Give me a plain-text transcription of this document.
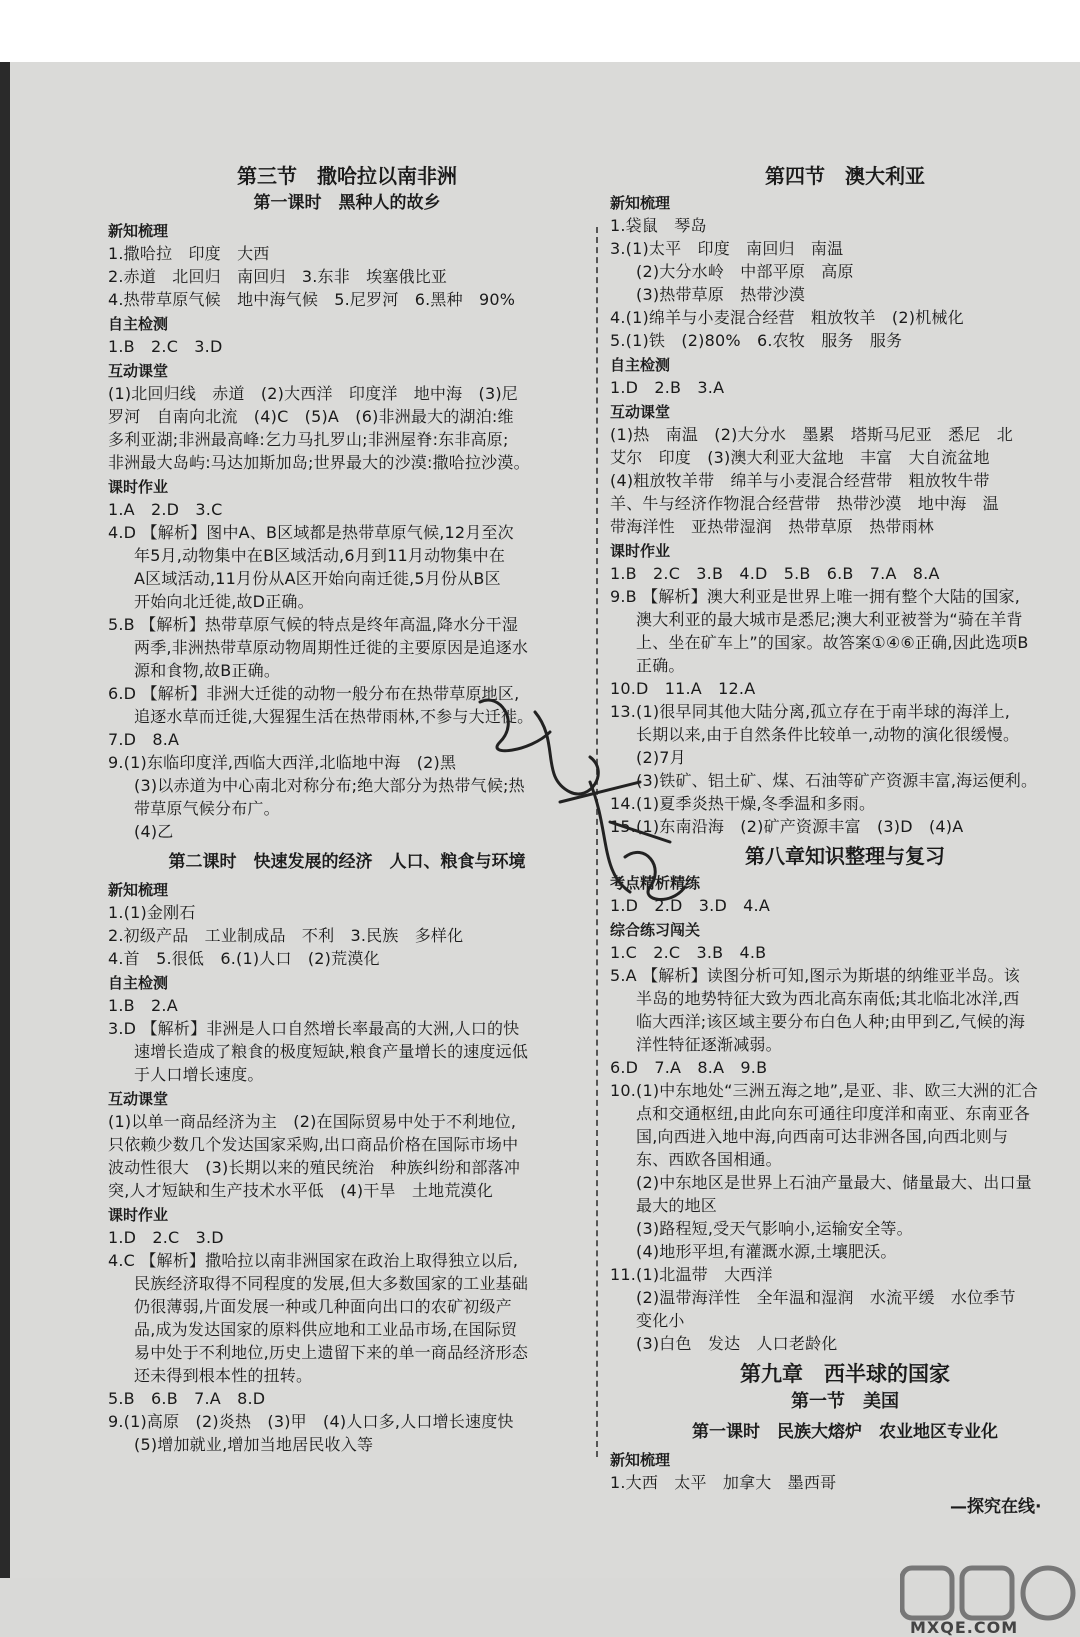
第三节　撒哈拉以南非洲

第一课时　黑种人的故乡

新知梳理

1.撒哈拉　印度　大西

2.赤道　北回归　南回归　3.东非　埃塞俄比亚

4.热带草原气候　地中海气候　5.尼罗河　6.黑种　90%

自主检测

1.B　2.C　3.D

互动课堂

(1)北回归线　赤道　(2)大西洋　印度洋　地中海　(3)尼

罗河　自南向北流　(4)C　(5)A　(6)非洲最大的湖泊:维

多利亚湖;非洲最高峰:乞力马扎罗山;非洲屋脊:东非高原;

非洲最大岛屿:马达加斯加岛;世界最大的沙漠:撒哈拉沙漠。

课时作业

1.A　2.D　3.C

4.D 【解析】图中A、B区域都是热带草原气候,12月至次

年5月,动物集中在B区域活动,6月到11月动物集中在

A区域活动,11月份从A区开始向南迁徙,5月份从B区

开始向北迁徙,故D正确。

5.B 【解析】热带草原气候的特点是终年高温,降水分干湿

两季,非洲热带草原动物周期性迁徙的主要原因是追逐水

源和食物,故B正确。

6.D 【解析】非洲大迁徙的动物一般分布在热带草原地区,

追逐水草而迁徙,大猩猩生活在热带雨林,不参与大迁徙。

7.D　8.A

9.(1)东临印度洋,西临大西洋,北临地中海　(2)黑

(3)以赤道为中心南北对称分布;绝大部分为热带气候;热

带草原气候分布广。

(4)乙

第二课时　快速发展的经济　人口、粮食与环境

新知梳理

1.(1)金刚石

2.初级产品　工业制成品　不利　3.民族　多样化

4.首　5.很低　6.(1)人口　(2)荒漠化

自主检测

1.B　2.A

3.D 【解析】非洲是人口自然增长率最高的大洲,人口的快

速增长造成了粮食的极度短缺,粮食产量增长的速度远低

于人口增长速度。

互动课堂

(1)以单一商品经济为主　(2)在国际贸易中处于不利地位,

只依赖少数几个发达国家采购,出口商品价格在国际市场中

波动性很大　(3)长期以来的殖民统治　种族纠纷和部落冲

突,人才短缺和生产技术水平低　(4)干旱　土地荒漠化

课时作业

1.D　2.C　3.D

4.C 【解析】撒哈拉以南非洲国家在政治上取得独立以后,

民族经济取得不同程度的发展,但大多数国家的工业基础

仍很薄弱,片面发展一种或几种面向出口的农矿初级产

品,成为发达国家的原料供应地和工业品市场,在国际贸

易中处于不利地位,历史上遗留下来的单一商品经济形态

还未得到根本性的扭转。

5.B　6.B　7.A　8.D

9.(1)高原　(2)炎热　(3)甲　(4)人口多,人口增长速度快

(5)增加就业,增加当地居民收入等

第四节　澳大利亚

新知梳理

1.袋鼠　琴岛

3.(1)太平　印度　南回归　南温

(2)大分水岭　中部平原　高原

(3)热带草原　热带沙漠

4.(1)绵羊与小麦混合经营　粗放牧羊　(2)机械化

5.(1)铁　(2)80%　6.农牧　服务　服务

自主检测

1.D　2.B　3.A

互动课堂

(1)热　南温　(2)大分水　墨累　塔斯马尼亚　悉尼　北

艾尔　印度　(3)澳大利亚大盆地　丰富　大自流盆地

(4)粗放牧羊带　绵羊与小麦混合经营带　粗放牧牛带

羊、牛与经济作物混合经营带　热带沙漠　地中海　温

带海洋性　亚热带湿润　热带草原　热带雨林

课时作业

1.B　2.C　3.B　4.D　5.B　6.B　7.A　8.A

9.B 【解析】澳大利亚是世界上唯一拥有整个大陆的国家,

澳大利亚的最大城市是悉尼;澳大利亚被誉为“骑在羊背

上、坐在矿车上”的国家。故答案①④⑥正确,因此选项B

正确。

10.D　11.A　12.A

13.(1)很早同其他大陆分离,孤立存在于南半球的海洋上,

长期以来,由于自然条件比较单一,动物的演化很缓慢。

(2)7月

(3)铁矿、铝土矿、煤、石油等矿产资源丰富,海运便利。

14.(1)夏季炎热干燥,冬季温和多雨。

15.(1)东南沿海　(2)矿产资源丰富　(3)D　(4)A

第八章知识整理与复习

考点精析精练

1.D　2.D　3.D　4.A

综合练习闯关

1.C　2.C　3.B　4.B

5.A 【解析】读图分析可知,图示为斯堪的纳维亚半岛。该

半岛的地势特征大致为西北高东南低;其北临北冰洋,西

临大西洋;该区域主要分布白色人种;由甲到乙,气候的海

洋性特征逐渐减弱。

6.D　7.A　8.A　9.B

10.(1)中东地处“三洲五海之地”,是亚、非、欧三大洲的汇合

点和交通枢纽,由此向东可通往印度洋和南亚、东南亚各

国,向西进入地中海,向西南可达非洲各国,向西北则与

东、西欧各国相通。

(2)中东地区是世界上石油产量最大、储量最大、出口量

最大的地区

(3)路程短,受天气影响小,运输安全等。

(4)地形平坦,有灌溉水源,土壤肥沃。

11.(1)北温带　大西洋

(2)温带海洋性　全年温和湿润　水流平缓　水位季节

变化小

(3)白色　发达　人口老龄化

第九章　西半球的国家

第一节　美国

第一课时　民族大熔炉　农业地区专业化

新知梳理

1.大西　太平　加拿大　墨西哥

—探究在线·
MXQE.COM
